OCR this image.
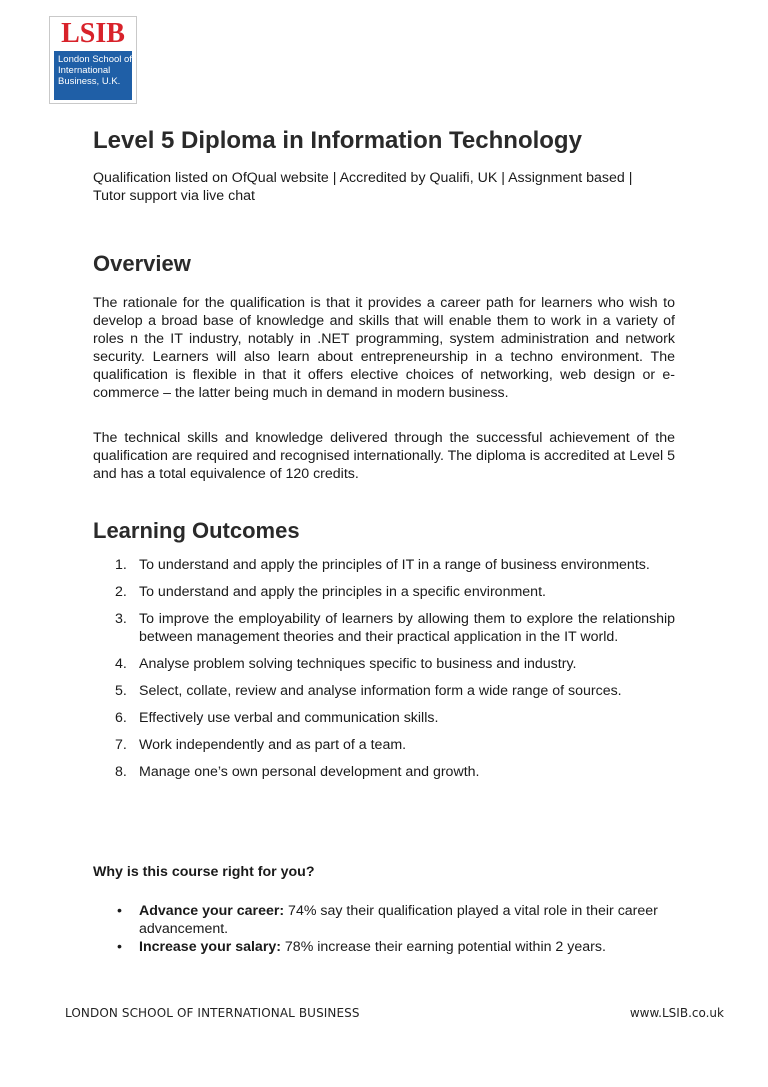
LSIB
London School of
International
Business, U.K.
Level 5 Diploma in Information Technology

Qualification listed on OfQual website | Accredited by Qualifi, UK | Assignment based | Tutor support via live chat

Overview

The rationale for the qualification is that it provides a career path for learners who wish to develop a broad base of knowledge and skills that will enable them to work in a variety of roles n the IT industry, notably in .NET programming, system administration and network security. Learners will also learn about entrepreneurship in a techno environment. The qualification is flexible in that it offers elective choices of networking, web design or e-commerce – the latter being much in demand in modern business.

The technical skills and knowledge delivered through the successful achievement of the qualification are required and recognised internationally. The diploma is accredited at Level 5 and has a total equivalence of 120 credits.

Learning Outcomes
1. To understand and apply the principles of IT in a range of business environments.
2. To understand and apply the principles in a specific environment.
3. To improve the employability of learners by allowing them to explore the relationship between management theories and their practical application in the IT world.
4. Analyse problem solving techniques specific to business and industry.
5. Select, collate, review and analyse information form a wide range of sources.
6. Effectively use verbal and communication skills.
7. Work independently and as part of a team.
8. Manage one’s own personal development and growth.

Why is this course right for you?

• Advance your career: 74% say their qualification played a vital role in their career advancement.
• Increase your salary: 78% increase their earning potential within 2 years.
LONDON SCHOOL OF INTERNATIONAL BUSINESS	www.LSIB.co.uk
